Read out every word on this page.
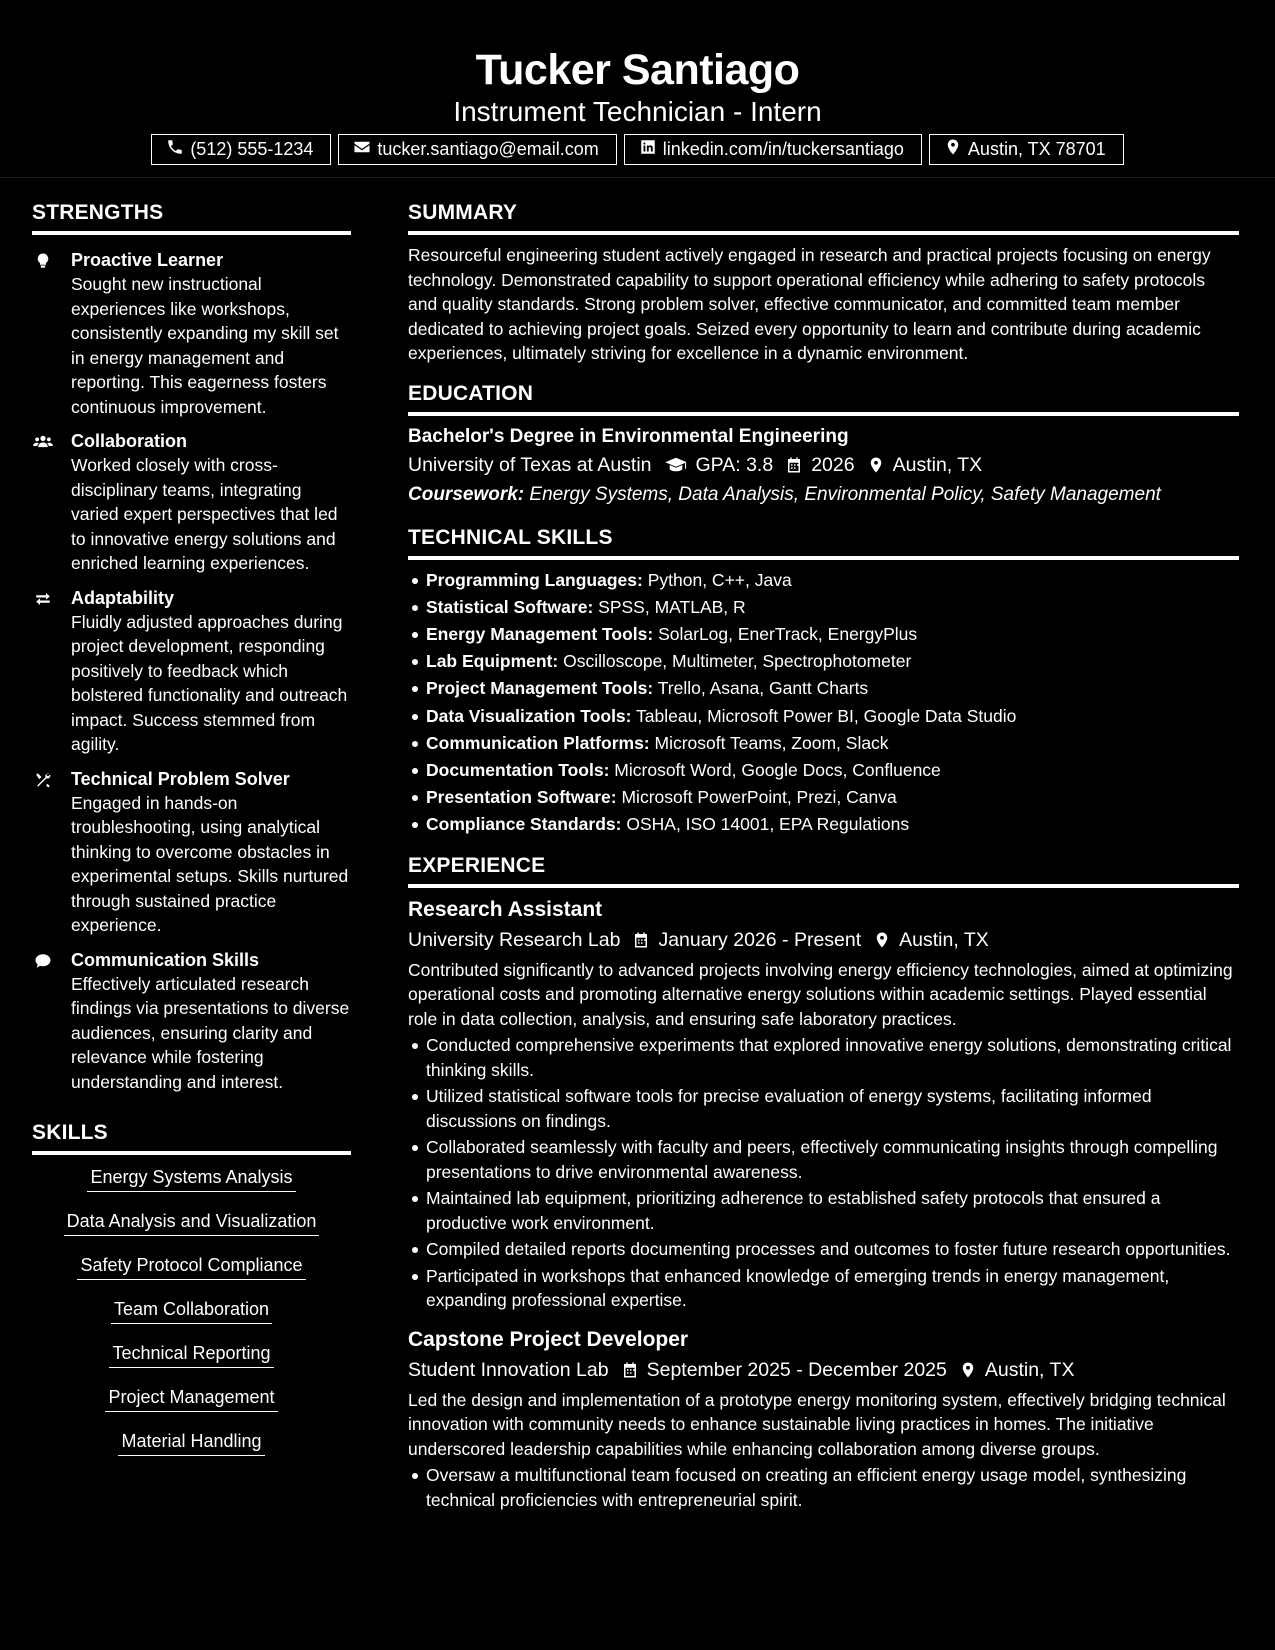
Tucker Santiago
Instrument Technician - Intern
(512) 555-1234	tucker.santiago@email.com	linkedin.com/in/tuckersantiago	Austin, TX 78701
STRENGTHS
Proactive Learner
Sought new instructional experiences like workshops, consistently expanding my skill set in energy management and reporting. This eagerness fosters continuous improvement.
Collaboration
Worked closely with cross-disciplinary teams, integrating varied expert perspectives that led to innovative energy solutions and enriched learning experiences.
Adaptability
Fluidly adjusted approaches during project development, responding positively to feedback which bolstered functionality and outreach impact. Success stemmed from agility.
Technical Problem Solver
Engaged in hands-on troubleshooting, using analytical thinking to overcome obstacles in experimental setups. Skills nurtured through sustained practice experience.
Communication Skills
Effectively articulated research findings via presentations to diverse audiences, ensuring clarity and relevance while fostering understanding and interest.
SKILLS
Energy Systems Analysis
Data Analysis and Visualization
Safety Protocol Compliance
Team Collaboration
Technical Reporting
Project Management
Material Handling
SUMMARY
Resourceful engineering student actively engaged in research and practical projects focusing on energy technology. Demonstrated capability to support operational efficiency while adhering to safety protocols and quality standards. Strong problem solver, effective communicator, and committed team member dedicated to achieving project goals. Seized every opportunity to learn and contribute during academic experiences, ultimately striving for excellence in a dynamic environment.
EDUCATION
Bachelor's Degree in Environmental Engineering
University of Texas at Austin GPA: 3.8 2026 Austin, TX
Coursework: Energy Systems, Data Analysis, Environmental Policy, Safety Management
TECHNICAL SKILLS
Programming Languages: Python, C++, Java
Statistical Software: SPSS, MATLAB, R
Energy Management Tools: SolarLog, EnerTrack, EnergyPlus
Lab Equipment: Oscilloscope, Multimeter, Spectrophotometer
Project Management Tools: Trello, Asana, Gantt Charts
Data Visualization Tools: Tableau, Microsoft Power BI, Google Data Studio
Communication Platforms: Microsoft Teams, Zoom, Slack
Documentation Tools: Microsoft Word, Google Docs, Confluence
Presentation Software: Microsoft PowerPoint, Prezi, Canva
Compliance Standards: OSHA, ISO 14001, EPA Regulations
EXPERIENCE
Research Assistant
University Research Lab January 2026 - Present Austin, TX
Contributed significantly to advanced projects involving energy efficiency technologies, aimed at optimizing operational costs and promoting alternative energy solutions within academic settings. Played essential role in data collection, analysis, and ensuring safe laboratory practices.
Conducted comprehensive experiments that explored innovative energy solutions, demonstrating critical thinking skills.
Utilized statistical software tools for precise evaluation of energy systems, facilitating informed discussions on findings.
Collaborated seamlessly with faculty and peers, effectively communicating insights through compelling presentations to drive environmental awareness.
Maintained lab equipment, prioritizing adherence to established safety protocols that ensured a productive work environment.
Compiled detailed reports documenting processes and outcomes to foster future research opportunities.
Participated in workshops that enhanced knowledge of emerging trends in energy management, expanding professional expertise.
Capstone Project Developer
Student Innovation Lab September 2025 - December 2025 Austin, TX
Led the design and implementation of a prototype energy monitoring system, effectively bridging technical innovation with community needs to enhance sustainable living practices in homes. The initiative underscored leadership capabilities while enhancing collaboration among diverse groups.
Oversaw a multifunctional team focused on creating an efficient energy usage model, synthesizing technical proficiencies with entrepreneurial spirit.
